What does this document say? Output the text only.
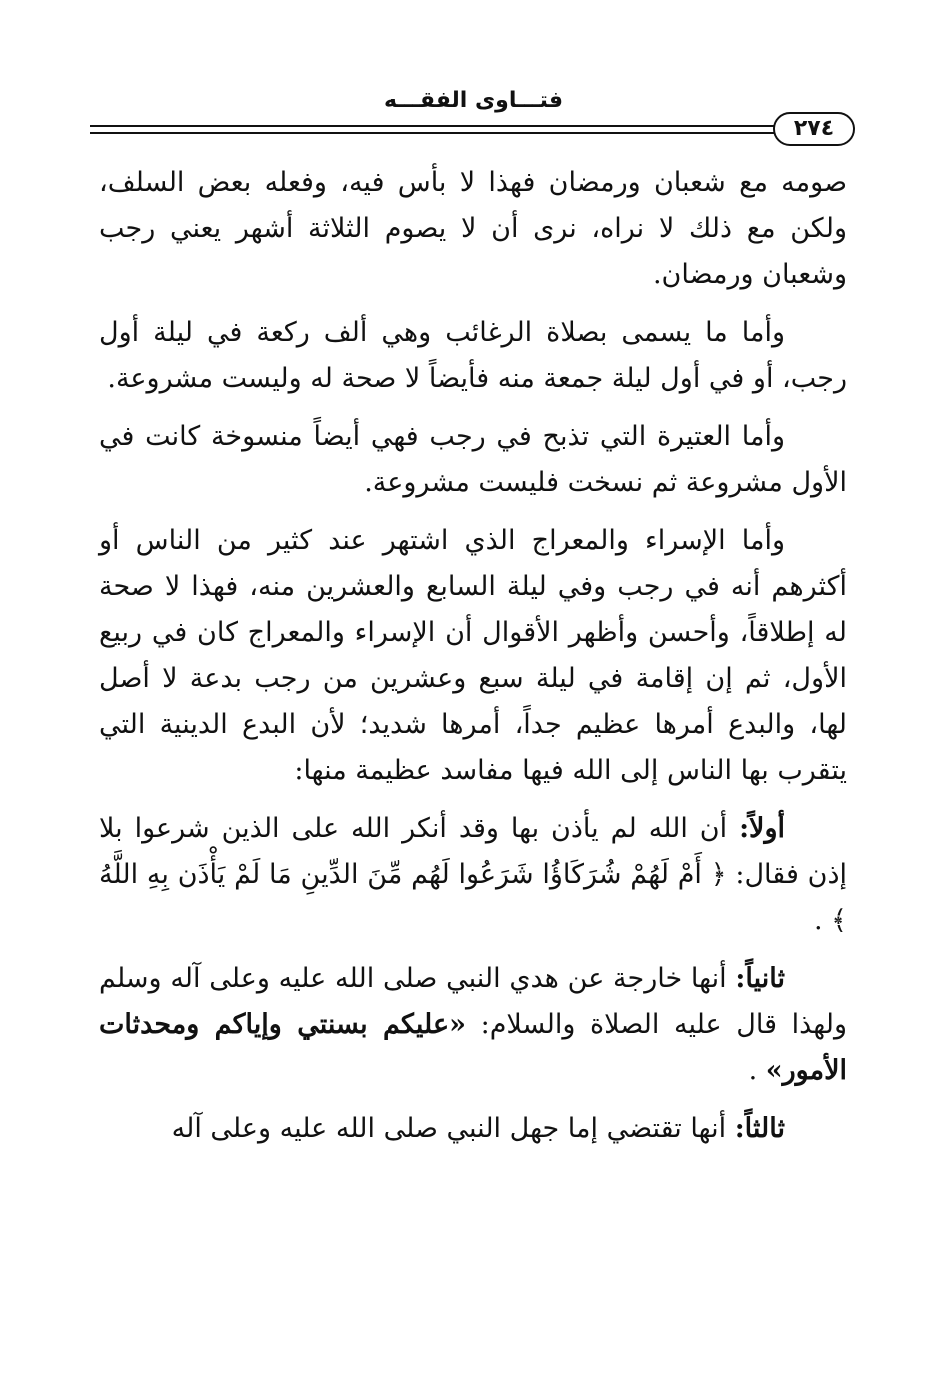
فتـــاوى الفقـــه
٢٧٤

صومه مع شعبان ورمضان فهذا لا بأس فيه، وفعله بعض السلف، ولكن مع ذلك لا نراه، نرى أن لا يصوم الثلاثة أشهر يعني رجب وشعبان ورمضان.

وأما ما يسمى بصلاة الرغائب وهي ألف ركعة في ليلة أول رجب، أو في أول ليلة جمعة منه فأيضاً لا صحة له وليست مشروعة.

وأما العتيرة التي تذبح في رجب فهي أيضاً منسوخة كانت في الأول مشروعة ثم نسخت فليست مشروعة.

وأما الإسراء والمعراج الذي اشتهر عند كثير من الناس أو أكثرهم أنه في رجب وفي ليلة السابع والعشرين منه، فهذا لا صحة له إطلاقاً، وأحسن وأظهر الأقوال أن الإسراء والمعراج كان في ربيع الأول، ثم إن إقامة في ليلة سبع وعشرين من رجب بدعة لا أصل لها، والبدع أمرها عظيم جداً، أمرها شديد؛ لأن البدع الدينية التي يتقرب بها الناس إلى الله فيها مفاسد عظيمة منها:

أولاً: أن الله لم يأذن بها وقد أنكر الله على الذين شرعوا بلا إذن فقال: ﴿ أَمْ لَهُمْ شُرَكَاؤُا شَرَعُوا لَهُم مِّنَ الدِّينِ مَا لَمْ يَأْذَن بِهِ اللَّهُ ﴾ .

ثانياً: أنها خارجة عن هدي النبي صلى الله عليه وعلى آله وسلم ولهذا قال عليه الصلاة والسلام: «عليكم بسنتي وإياكم ومحدثات الأمور» .

ثالثاً: أنها تقتضي إما جهل النبي صلى الله عليه وعلى آله
